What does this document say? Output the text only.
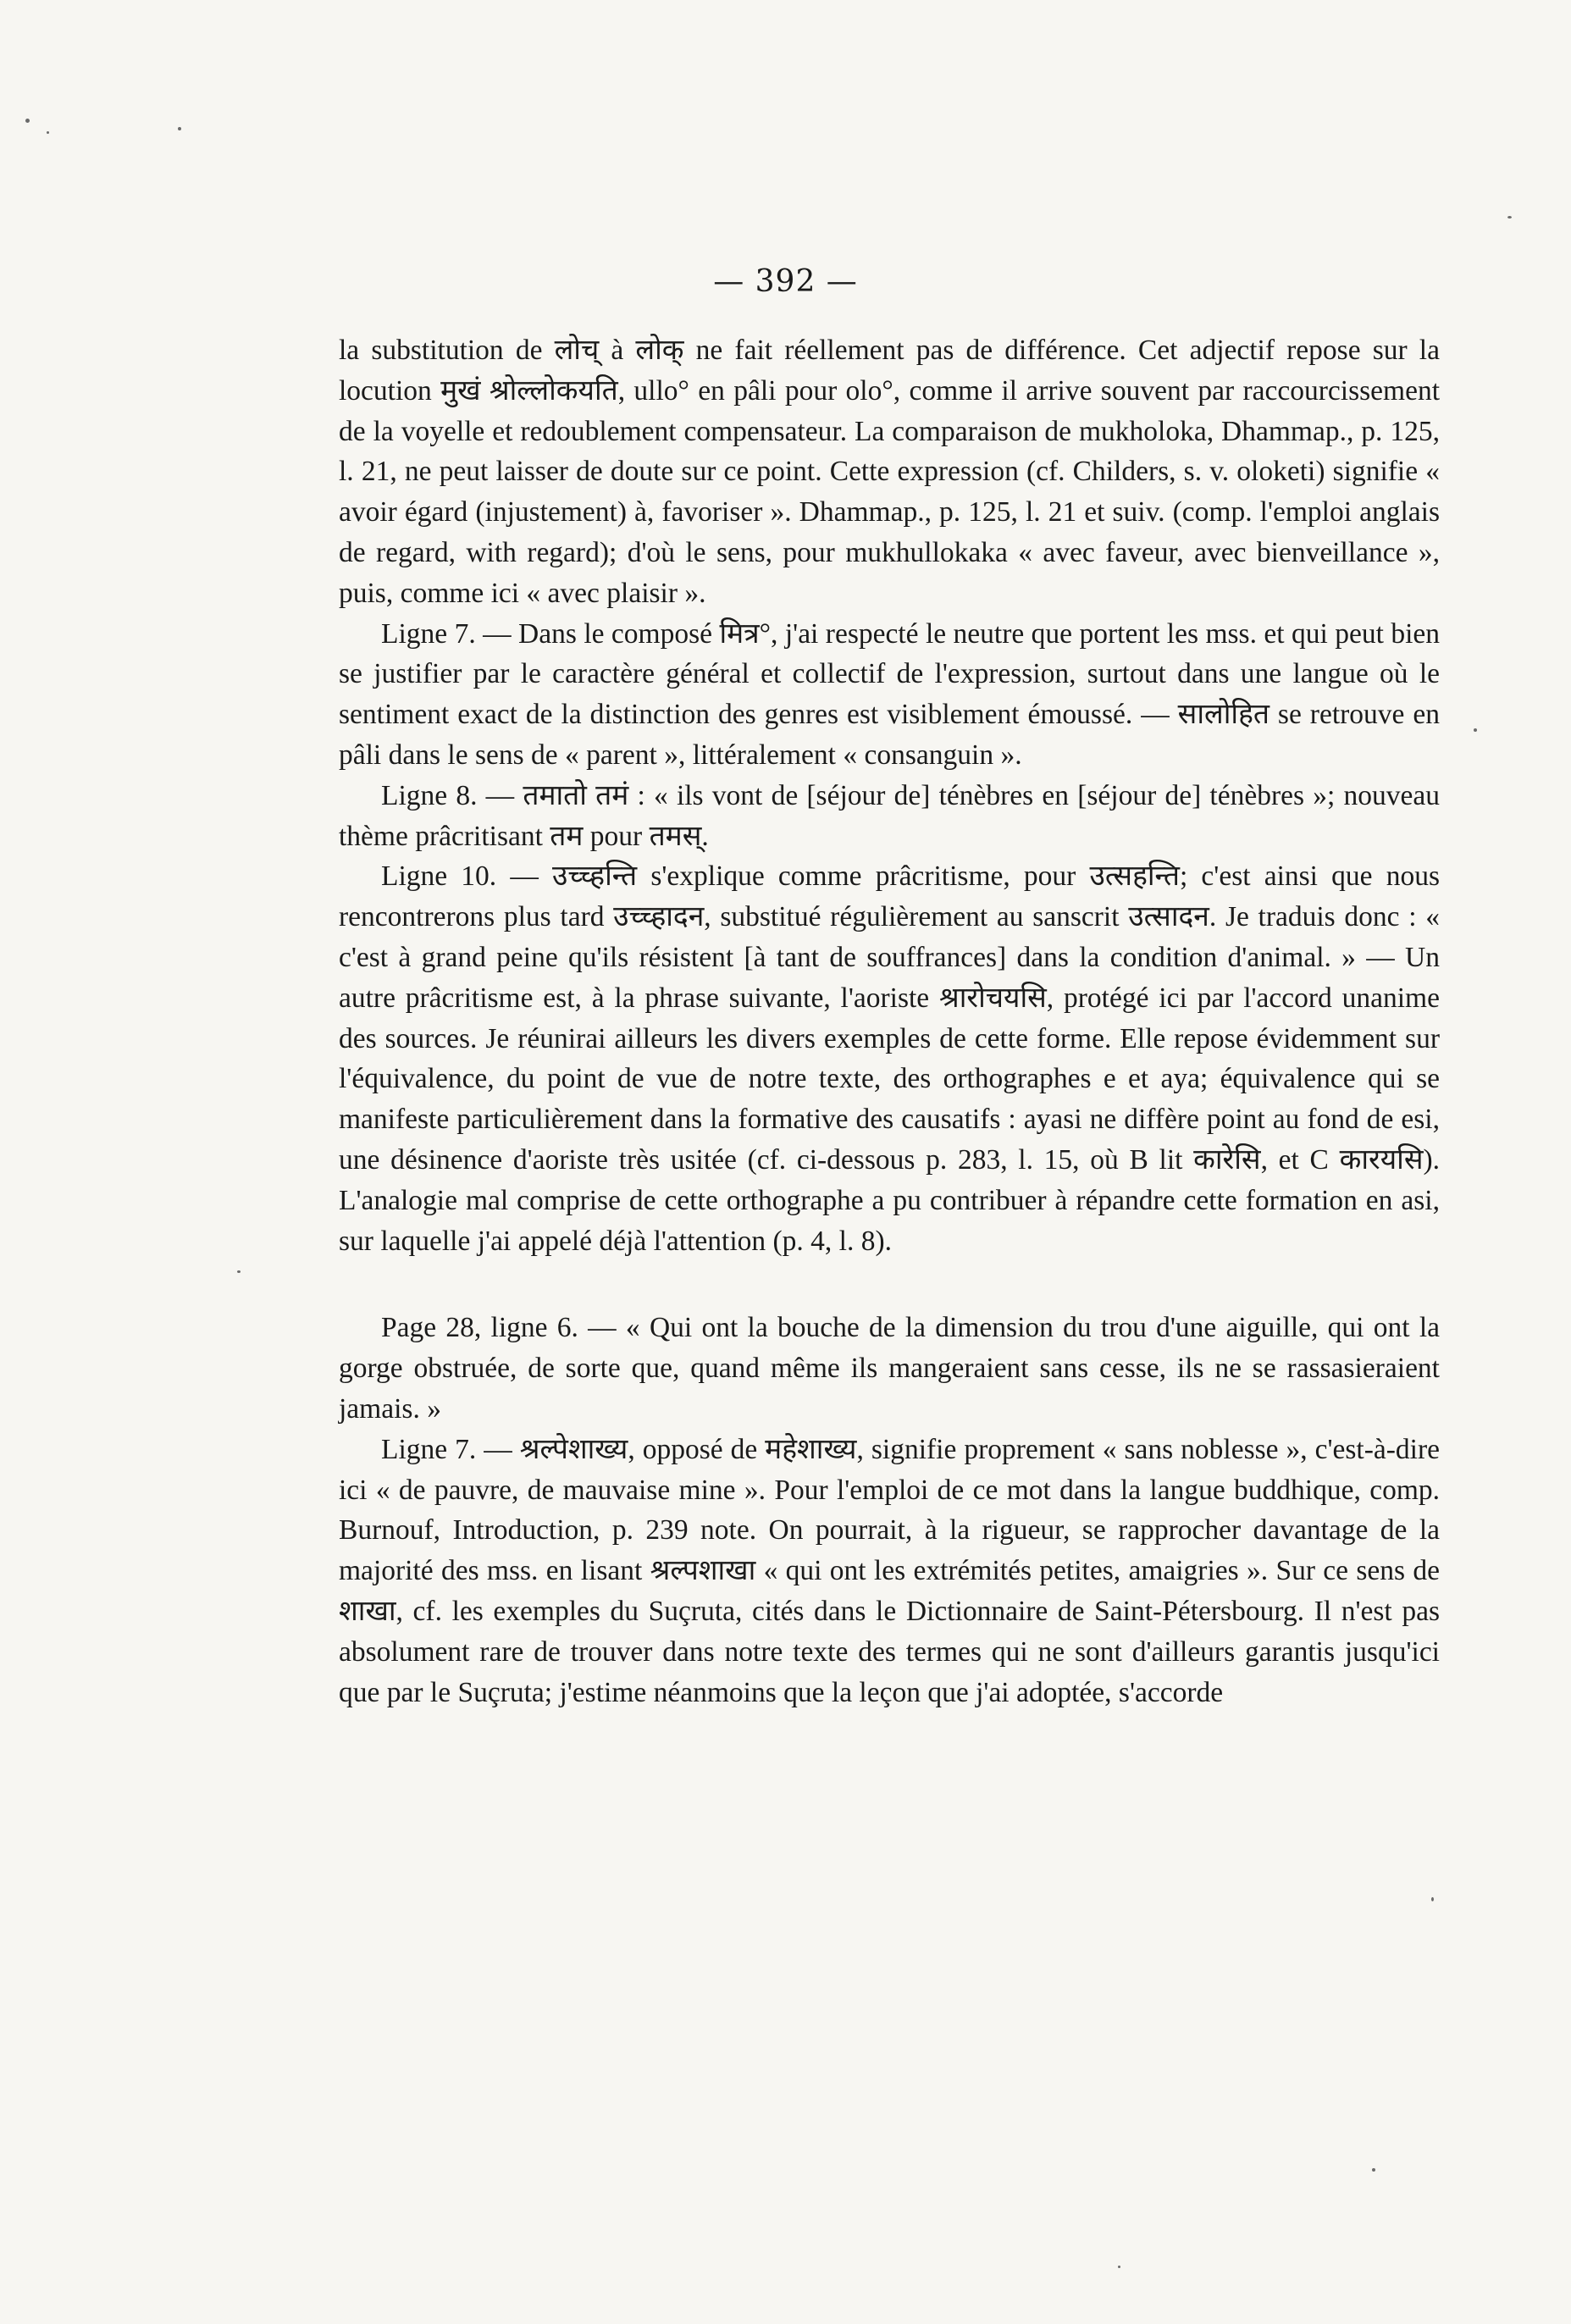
— 392 —

la substitution de लोच् à लोक् ne fait réellement pas de différence. Cet adjectif repose sur la locution मुखं श्रोल्लोकयति, ullo° en pâli pour olo°, comme il arrive souvent par raccourcissement de la voyelle et redoublement compensateur. La comparaison de mukholoka, Dhammap., p. 125, l. 21, ne peut laisser de doute sur ce point. Cette expression (cf. Childers, s. v. oloketi) signifie « avoir égard (injustement) à, favoriser ». Dhammap., p. 125, l. 21 et suiv. (comp. l'emploi anglais de regard, with regard); d'où le sens, pour mukhullokaka « avec faveur, avec bienveillance », puis, comme ici « avec plaisir ».

Ligne 7. — Dans le composé मित्र°, j'ai respecté le neutre que portent les mss. et qui peut bien se justifier par le caractère général et collectif de l'expression, surtout dans une langue où le sentiment exact de la distinction des genres est visiblement émoussé. — सालोहित se retrouve en pâli dans le sens de « parent », littéralement « consanguin ».

Ligne 8. — तमातो तमं : « ils vont de [séjour de] ténèbres en [séjour de] ténèbres »; nouveau thème prâcritisant तम pour तमस्.

Ligne 10. — उच्च्हन्ति s'explique comme prâcritisme, pour उत्सहन्ति; c'est ainsi que nous rencontrerons plus tard उच्च्हादन, substitué régulièrement au sanscrit उत्सादन. Je traduis donc : « c'est à grand peine qu'ils résistent [à tant de souffrances] dans la condition d'animal. » — Un autre prâcritisme est, à la phrase suivante, l'aoriste श्रारोचयसि, protégé ici par l'accord unanime des sources. Je réunirai ailleurs les divers exemples de cette forme. Elle repose évidemment sur l'équivalence, du point de vue de notre texte, des orthographes e et aya; équivalence qui se manifeste particulièrement dans la formative des causatifs : ayasi ne diffère point au fond de esi, une désinence d'aoriste très usitée (cf. ci-dessous p. 283, l. 15, où B lit कारेसि, et C कारयसि). L'analogie mal comprise de cette orthographe a pu contribuer à répandre cette formation en asi, sur laquelle j'ai appelé déjà l'attention (p. 4, l. 8).

Page 28, ligne 6. — « Qui ont la bouche de la dimension du trou d'une aiguille, qui ont la gorge obstruée, de sorte que, quand même ils mangeraient sans cesse, ils ne se rassasieraient jamais. »

Ligne 7. — श्रल्पेशाख्य, opposé de महेशाख्य, signifie proprement « sans noblesse », c'est-à-dire ici « de pauvre, de mauvaise mine ». Pour l'emploi de ce mot dans la langue buddhique, comp. Burnouf, Introduction, p. 239 note. On pourrait, à la rigueur, se rapprocher davantage de la majorité des mss. en lisant श्रल्पशाखा « qui ont les extrémités petites, amaigries ». Sur ce sens de शाखा, cf. les exemples du Suçruta, cités dans le Dictionnaire de Saint-Pétersbourg. Il n'est pas absolument rare de trouver dans notre texte des termes qui ne sont d'ailleurs garantis jusqu'ici que par le Suçruta; j'estime néanmoins que la leçon que j'ai adoptée, s'accorde
